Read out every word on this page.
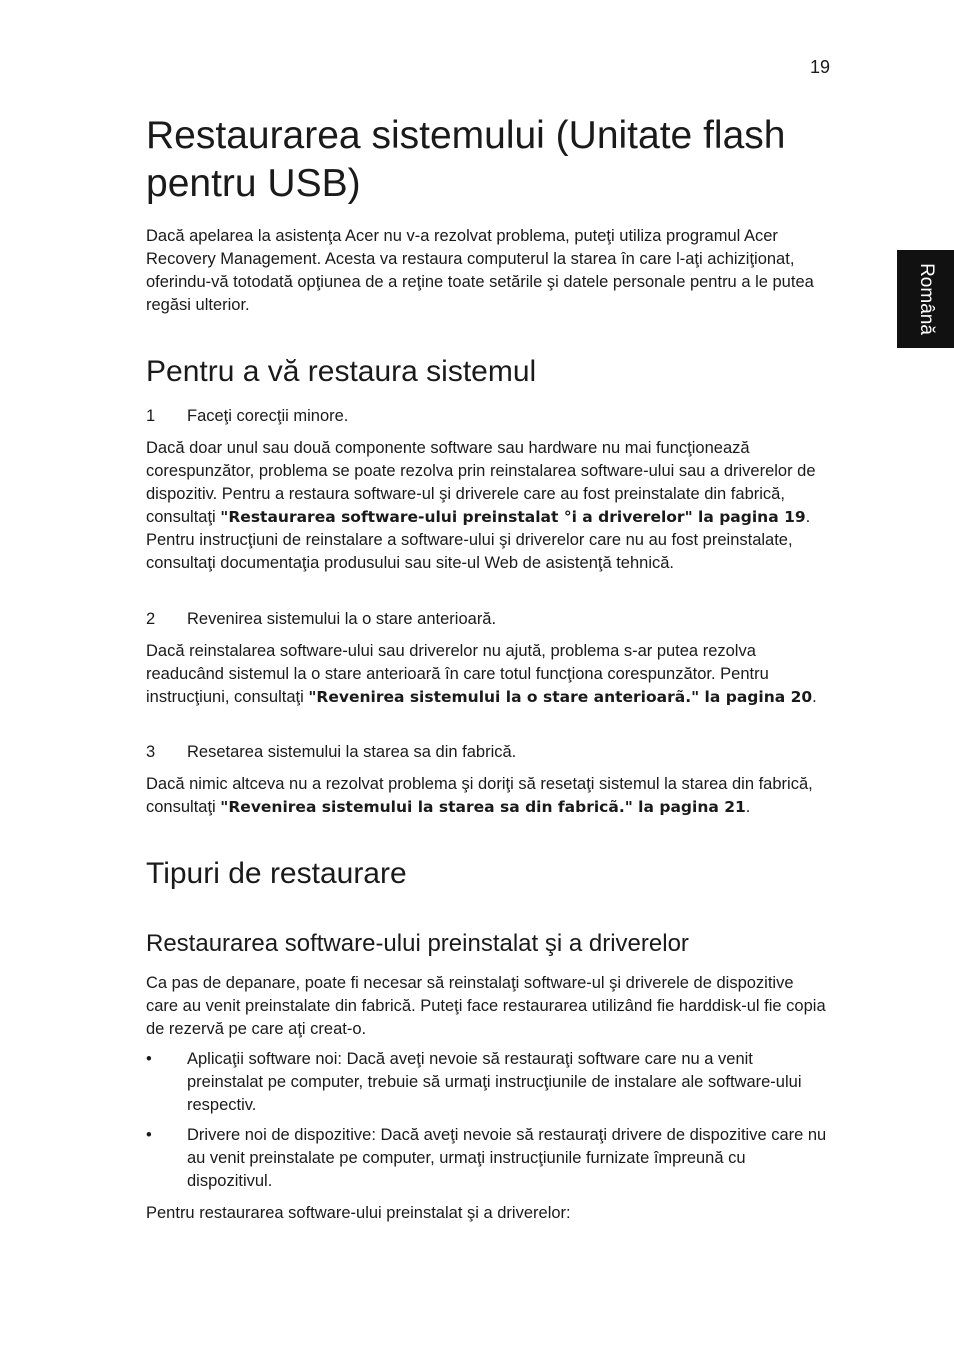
19
Română
Restaurarea sistemului (Unitate flash pentru USB)

Dacă apelarea la asistenţa Acer nu v-a rezolvat problema, puteţi utiliza programul Acer Recovery Management. Acesta va restaura computerul la starea în care l-aţi achiziţionat, oferindu-vă totodată opţiunea de a reţine toate setările şi datele personale pentru a le putea regăsi ulterior.

Pentru a vă restaura sistemul
1 Faceţi corecţii minore.

Dacă doar unul sau două componente software sau hardware nu mai funcţionează corespunzător, problema se poate rezolva prin reinstalarea software-ului sau a driverelor de dispozitiv. Pentru a restaura software-ul şi driverele care au fost preinstalate din fabrică, consultaţi "Restaurarea software-ului preinstalat °i a driverelor" la pagina 19. Pentru instrucţiuni de reinstalare a software-ului şi driverelor care nu au fost preinstalate, consultaţi documentaţia produsului sau site-ul Web de asistenţă tehnică.

2 Revenirea sistemului la o stare anterioară.

Dacă reinstalarea software-ului sau driverelor nu ajută, problema s-ar putea rezolva readucând sistemul la o stare anterioară în care totul funcţiona corespunzător. Pentru instrucţiuni, consultaţi "Revenirea sistemului la o stare anterioarã." la pagina 20.

3 Resetarea sistemului la starea sa din fabrică.

Dacă nimic altceva nu a rezolvat problema şi doriţi să resetaţi sistemul la starea din fabrică, consultaţi "Revenirea sistemului la starea sa din fabricã." la pagina 21.

Tipuri de restaurare
Restaurarea software-ului preinstalat şi a driverelor

Ca pas de depanare, poate fi necesar să reinstalaţi software-ul şi driverele de dispozitive care au venit preinstalate din fabrică. Puteţi face restaurarea utilizând fie harddisk-ul fie copia de rezervă pe care aţi creat-o.

• Aplicaţii software noi: Dacă aveţi nevoie să restauraţi software care nu a venit preinstalat pe computer, trebuie să urmaţi instrucţiunile de instalare ale software-ului respectiv.
• Drivere noi de dispozitive: Dacă aveţi nevoie să restauraţi drivere de dispozitive care nu au venit preinstalate pe computer, urmaţi instrucţiunile furnizate împreună cu dispozitivul.

Pentru restaurarea software-ului preinstalat şi a driverelor:
